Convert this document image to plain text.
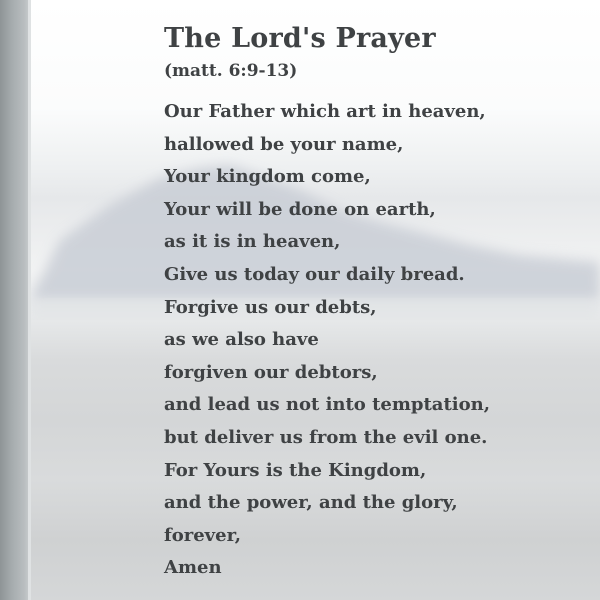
The Lord's Prayer
(matt. 6:9-13)
Our Father which art in heaven,
hallowed be your name,
Your kingdom come,
Your will be done on earth,
as it is in heaven,
Give us today our daily bread.
Forgive us our debts,
as we also have
forgiven our debtors,
and lead us not into temptation,
but deliver us from the evil one.
For Yours is the Kingdom,
and the power, and the glory,
forever,
Amen
